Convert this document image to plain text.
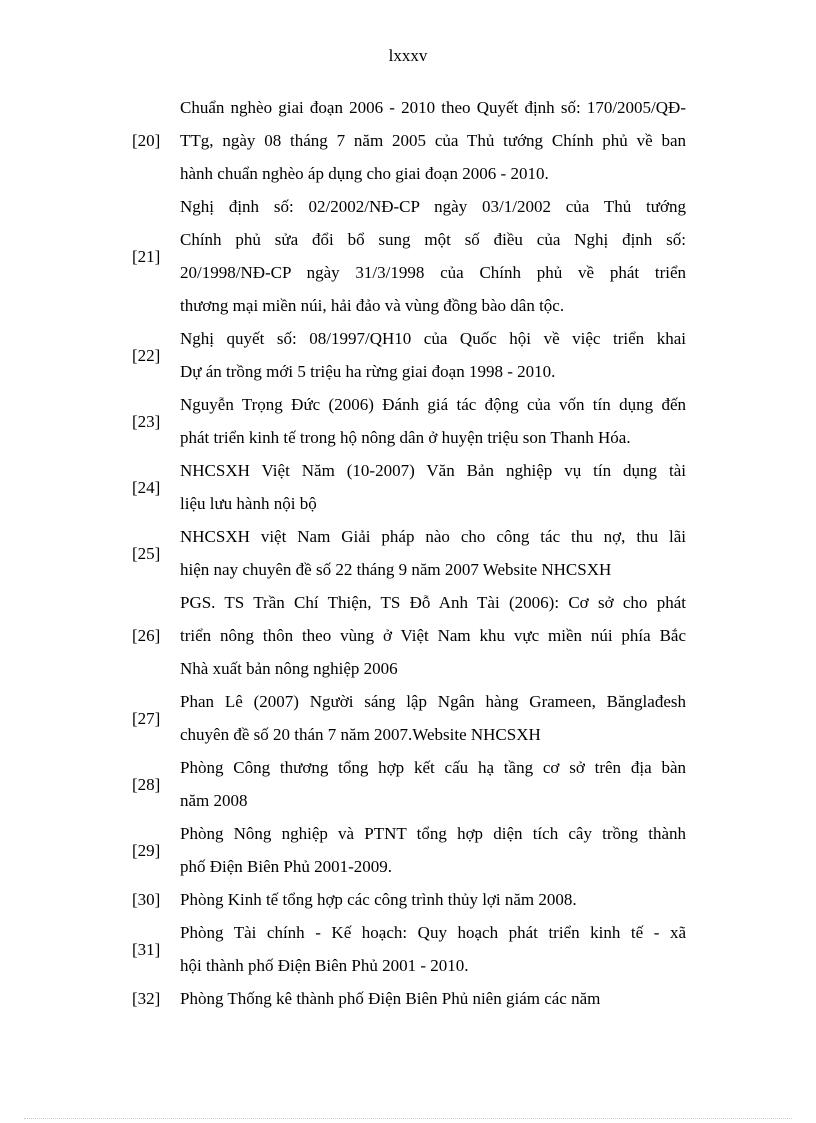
lxxxv
[20]
Chuẩn nghèo giai đoạn 2006 - 2010 theo Quyết định số: 170/2005/QĐ-
TTg, ngày 08 tháng 7 năm 2005 của Thủ tướng Chính phủ về ban
hành chuẩn nghèo áp dụng cho giai đoạn 2006 - 2010.
[21]
Nghị định số: 02/2002/NĐ-CP ngày 03/1/2002 của Thủ tướng
Chính phủ sửa đổi bổ sung một số điều của Nghị định số:
20/1998/NĐ-CP ngày 31/3/1998 của Chính phủ về phát triển
thương mại miền núi, hải đảo và vùng đồng bào dân tộc.
[22]
Nghị quyết số: 08/1997/QH10 của Quốc hội về việc triển khai
Dự án trồng mới 5 triệu ha rừng giai đoạn 1998 - 2010.
[23]
Nguyễn Trọng Đức (2006) Đánh giá tác động của vốn tín dụng đến
phát triển kinh tế trong hộ nông dân ở huyện triệu son Thanh Hóa.
[24]
NHCSXH Việt Năm (10-2007) Văn Bản nghiệp vụ tín dụng tài
liệu lưu hành nội bộ
[25]
NHCSXH việt Nam Giải pháp nào cho công tác thu nợ, thu lãi
hiện nay chuyên đề số 22 tháng 9 năm 2007 Website NHCSXH
[26]
PGS. TS Trần Chí Thiện, TS Đỗ Anh Tài (2006): Cơ sở cho phát
triển nông thôn theo vùng ở Việt Nam khu vực miền núi phía Bắc
Nhà xuất bản nông nghiệp 2006
[27]
Phan Lê (2007) Người sáng lập Ngân hàng Grameen, Bănglađesh
chuyên đề số 20 thán 7 năm 2007.Website NHCSXH
[28]
Phòng Công thương tổng hợp kết cấu hạ tầng cơ sở trên địa bàn
năm 2008
[29]
Phòng Nông nghiệp và PTNT tổng hợp diện tích cây trồng thành
phố Điện Biên Phủ 2001-2009.
[30]	Phòng Kinh tế tổng hợp các công trình thủy lợi năm 2008.
[31]
Phòng Tài chính - Kế hoạch: Quy hoạch phát triển kinh tế - xã
hội thành phố Điện Biên Phủ 2001 - 2010.
[32]	Phòng Thống kê thành phố Điện Biên Phủ niên giám các năm
